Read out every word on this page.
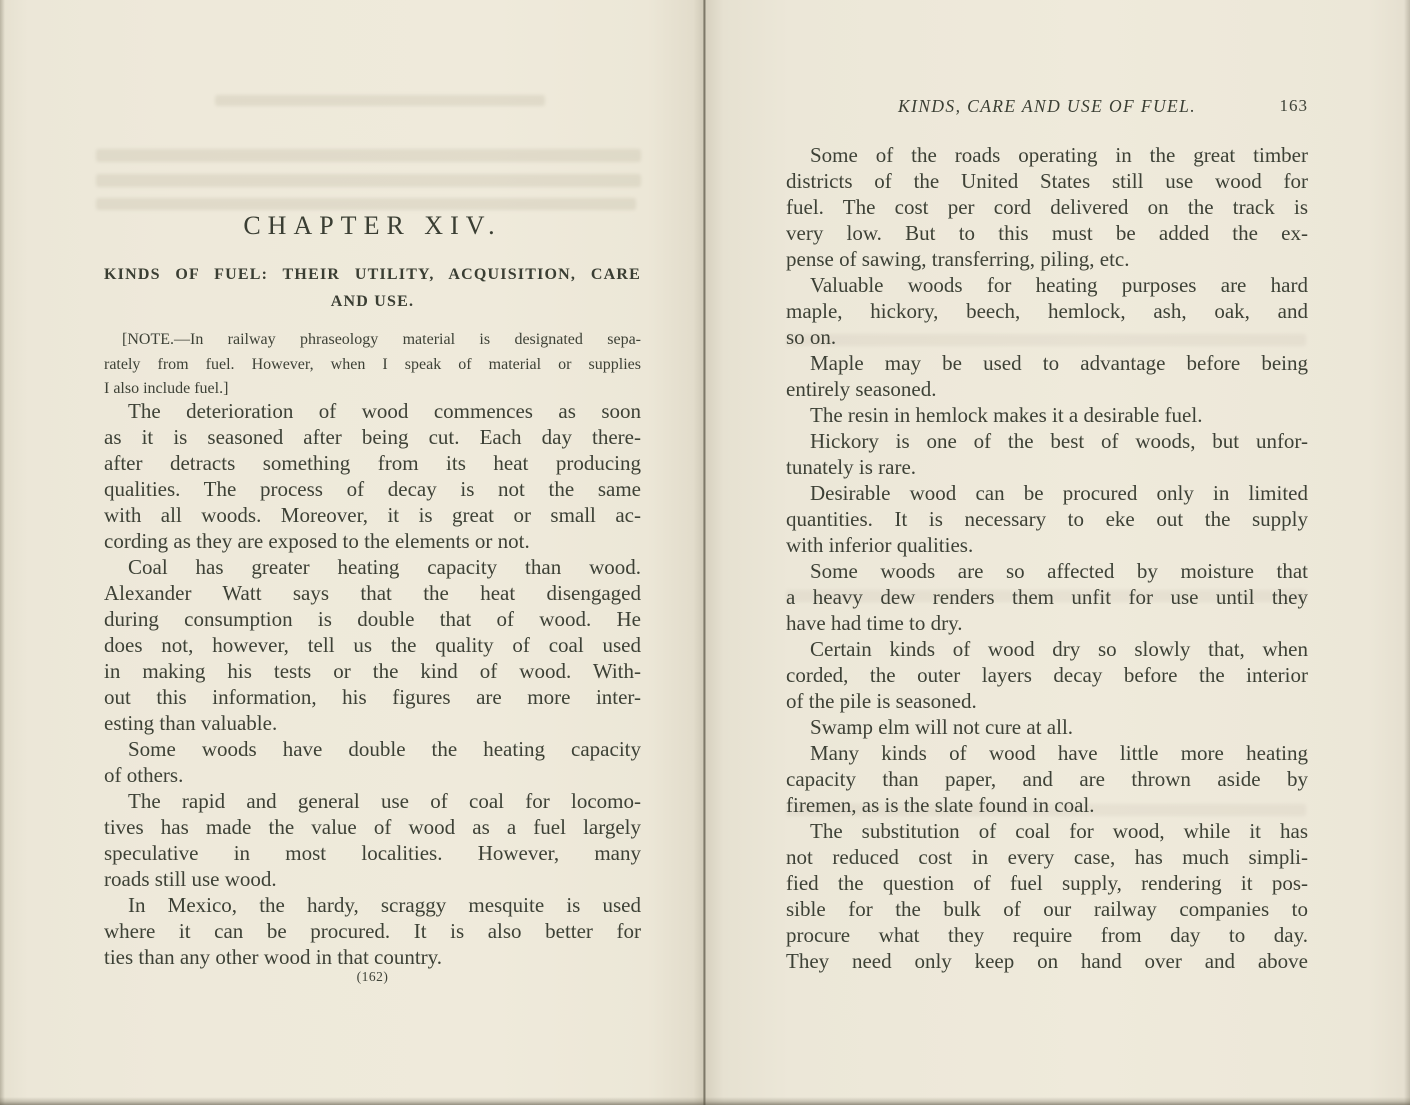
CHAPTER XIV.
KINDS OF FUEL: THEIR UTILITY, ACQUISITION, CARE
AND USE.
[NOTE.—In railway phraseology material is designated sepa-
rately from fuel. However, when I speak of material or supplies
I also include fuel.]
The deterioration of wood commences as soon
as it is seasoned after being cut. Each day there-
after detracts something from its heat producing
qualities. The process of decay is not the same
with all woods. Moreover, it is great or small ac-
cording as they are exposed to the elements or not.
Coal has greater heating capacity than wood.
Alexander Watt says that the heat disengaged
during consumption is double that of wood. He
does not, however, tell us the quality of coal used
in making his tests or the kind of wood. With-
out this information, his figures are more inter-
esting than valuable.
Some woods have double the heating capacity
of others.
The rapid and general use of coal for locomo-
tives has made the value of wood as a fuel largely
speculative in most localities. However, many
roads still use wood.
In Mexico, the hardy, scraggy mesquite is used
where it can be procured. It is also better for
ties than any other wood in that country.
(162)
KINDS, CARE AND USE OF FUEL.	163
Some of the roads operating in the great timber
districts of the United States still use wood for
fuel. The cost per cord delivered on the track is
very low. But to this must be added the ex-
pense of sawing, transferring, piling, etc.
Valuable woods for heating purposes are hard
maple, hickory, beech, hemlock, ash, oak, and
so on.
Maple may be used to advantage before being
entirely seasoned.
The resin in hemlock makes it a desirable fuel.
Hickory is one of the best of woods, but unfor-
tunately is rare.
Desirable wood can be procured only in limited
quantities. It is necessary to eke out the supply
with inferior qualities.
Some woods are so affected by moisture that
a heavy dew renders them unfit for use until they
have had time to dry.
Certain kinds of wood dry so slowly that, when
corded, the outer layers decay before the interior
of the pile is seasoned.
Swamp elm will not cure at all.
Many kinds of wood have little more heating
capacity than paper, and are thrown aside by
firemen, as is the slate found in coal.
The substitution of coal for wood, while it has
not reduced cost in every case, has much simpli-
fied the question of fuel supply, rendering it pos-
sible for the bulk of our railway companies to
procure what they require from day to day.
They need only keep on hand over and above
